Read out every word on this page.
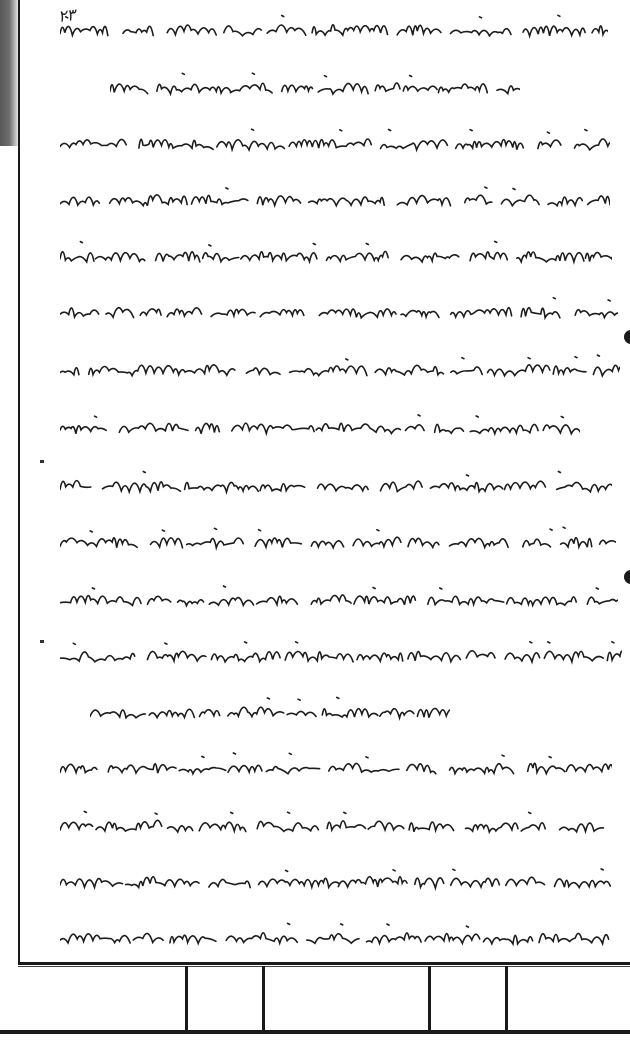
۲۳
